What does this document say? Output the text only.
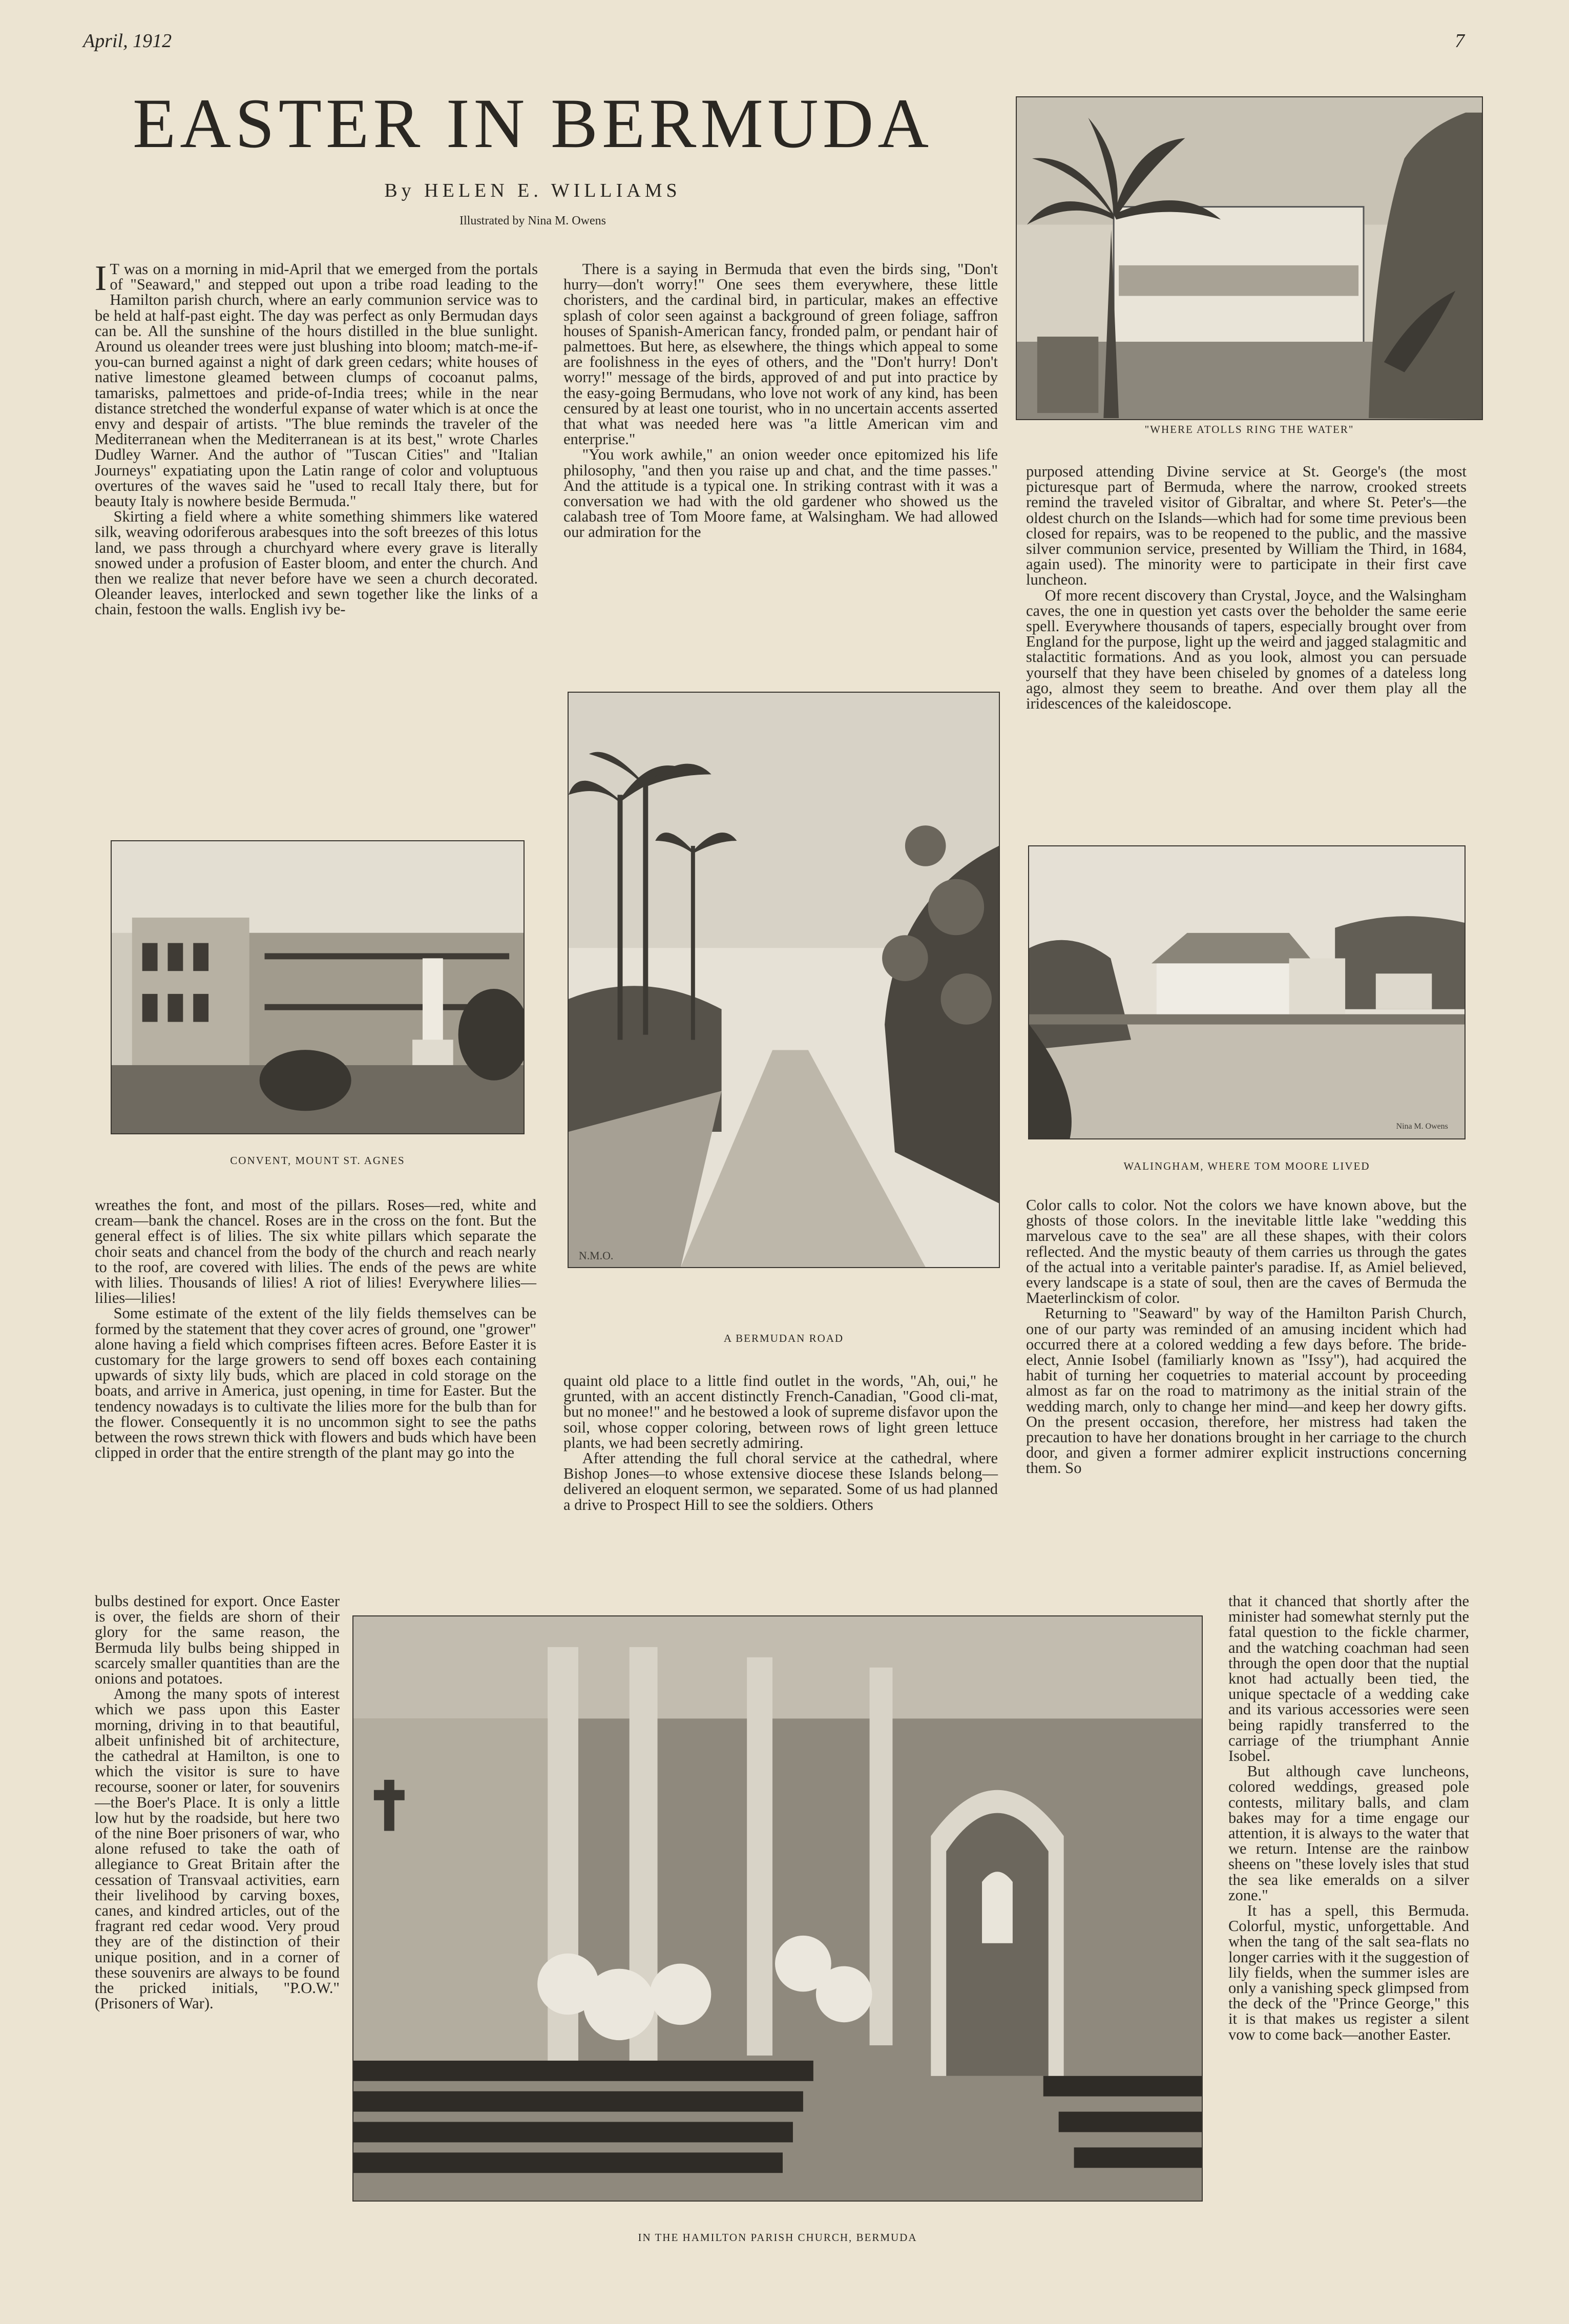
April, 1912	7
EASTER IN BERMUDA
By HELEN E. WILLIAMS
Illustrated by Nina M. Owens

I T was on a morning in mid-April that we emerged from the portals of "Seaward," and stepped out upon a tribe road leading to the Hamilton parish church, where an early communion service was to be held at half-past eight. The day was perfect as only Bermudan days can be. All the sunshine of the hours distilled in the blue sunlight. Around us oleander trees were just blushing into bloom; match-me-if-you-can burned against a night of dark green cedars; white houses of native limestone gleamed between clumps of cocoanut palms, tamarisks, palmettoes and pride-of-India trees; while in the near distance stretched the wonderful expanse of water which is at once the envy and despair of artists. "The blue reminds the traveler of the Mediterranean when the Mediterranean is at its best," wrote Charles Dudley Warner. And the author of "Tuscan Cities" and "Italian Journeys" expatiating upon the Latin range of color and voluptuous overtures of the waves said he "used to recall Italy there, but for beauty Italy is nowhere beside Bermuda."

Skirting a field where a white something shimmers like watered silk, weaving odoriferous arabesques into the soft breezes of this lotus land, we pass through a churchyard where every grave is literally snowed under a profusion of Easter bloom, and enter the church. And then we realize that never before have we seen a church decorated. Oleander leaves, interlocked and sewn together like the links of a chain, festoon the walls. English ivy be-

There is a saying in Bermuda that even the birds sing, "Don't hurry—don't worry!" One sees them everywhere, these little choristers, and the cardinal bird, in particular, makes an effective splash of color seen against a background of green foliage, saffron houses of Spanish-American fancy, fronded palm, or pendant hair of palmettoes. But here, as elsewhere, the things which appeal to some are foolishness in the eyes of others, and the "Don't hurry! Don't worry!" message of the birds, approved of and put into practice by the easy-going Bermudans, who love not work of any kind, has been censured by at least one tourist, who in no uncertain accents asserted that what was needed here was "a little American vim and enterprise."

"You work awhile," an onion weeder once epitomized his life philosophy, "and then you raise up and chat, and the time passes." And the attitude is a typical one. In striking contrast with it was a conversation we had with the old gardener who showed us the calabash tree of Tom Moore fame, at Walsingham. We had allowed our admiration for the

"WHERE ATOLLS RING THE WATER"

purposed attending Divine service at St. George's (the most picturesque part of Bermuda, where the narrow, crooked streets remind the traveled visitor of Gibraltar, and where St. Peter's—the oldest church on the Islands—which had for some time previous been closed for repairs, was to be reopened to the public, and the massive silver communion service, presented by William the Third, in 1684, again used). The minority were to participate in their first cave luncheon.

Of more recent discovery than Crystal, Joyce, and the Walsingham caves, the one in question yet casts over the beholder the same eerie spell. Everywhere thousands of tapers, especially brought over from England for the purpose, light up the weird and jagged stalagmitic and stalactitic formations. And as you look, almost you can persuade yourself that they have been chiseled by gnomes of a dateless long ago, almost they seem to breathe. And over them play all the iridescences of the kaleidoscope.

CONVENT, MOUNT ST. AGNES
N.M.O.
A BERMUDAN ROAD
Nina M. Owens
WALINGHAM, WHERE TOM MOORE LIVED

wreathes the font, and most of the pillars. Roses—red, white and cream—bank the chancel. Roses are in the cross on the font. But the general effect is of lilies. The six white pillars which separate the choir seats and chancel from the body of the church and reach nearly to the roof, are covered with lilies. The ends of the pews are white with lilies. Thousands of lilies! A riot of lilies! Everywhere lilies—lilies—lilies!

Some estimate of the extent of the lily fields themselves can be formed by the statement that they cover acres of ground, one "grower" alone having a field which comprises fifteen acres. Before Easter it is customary for the large growers to send off boxes each containing upwards of sixty lily buds, which are placed in cold storage on the boats, and arrive in America, just opening, in time for Easter. But the tendency nowadays is to cultivate the lilies more for the bulb than for the flower. Consequently it is no uncommon sight to see the paths between the rows strewn thick with flowers and buds which have been clipped in order that the entire strength of the plant may go into the

bulbs destined for export. Once Easter is over, the fields are shorn of their glory for the same reason, the Bermuda lily bulbs being shipped in scarcely smaller quantities than are the onions and potatoes.

Among the many spots of interest which we pass upon this Easter morning, driving in to that beautiful, albeit unfinished bit of architecture, the cathedral at Hamilton, is one to which the visitor is sure to have recourse, sooner or later, for souvenirs—the Boer's Place. It is only a little low hut by the roadside, but here two of the nine Boer prisoners of war, who alone refused to take the oath of allegiance to Great Britain after the cessation of Transvaal activities, earn their livelihood by carving boxes, canes, and kindred articles, out of the fragrant red cedar wood. Very proud they are of the distinction of their unique position, and in a corner of these souvenirs are always to be found the pricked initials, "P.O.W." (Prisoners of War).

quaint old place to a little find outlet in the words, "Ah, oui," he grunted, with an accent distinctly French-Canadian, "Good cli-mat, but no monee!" and he bestowed a look of supreme disfavor upon the soil, whose copper coloring, between rows of light green lettuce plants, we had been secretly admiring.

After attending the full choral service at the cathedral, where Bishop Jones—to whose extensive diocese these Islands belong—delivered an eloquent sermon, we separated. Some of us had planned a drive to Prospect Hill to see the soldiers. Others

Color calls to color. Not the colors we have known above, but the ghosts of those colors. In the inevitable little lake "wedding this marvelous cave to the sea" are all these shapes, with their colors reflected. And the mystic beauty of them carries us through the gates of the actual into a veritable painter's paradise. If, as Amiel believed, every landscape is a state of soul, then are the caves of Bermuda the Maeterlinckism of color.

Returning to "Seaward" by way of the Hamilton Parish Church, one of our party was reminded of an amusing incident which had occurred there at a colored wedding a few days before. The bride-elect, Annie Isobel (familiarly known as "Issy"), had acquired the habit of turning her coquetries to material account by proceeding almost as far on the road to matrimony as the initial strain of the wedding march, only to change her mind—and keep her dowry gifts. On the present occasion, therefore, her mistress had taken the precaution to have her donations brought in her carriage to the church door, and given a former admirer explicit instructions concerning them. So

that it chanced that shortly after the minister had somewhat sternly put the fatal question to the fickle charmer, and the watching coachman had seen through the open door that the nuptial knot had actually been tied, the unique spectacle of a wedding cake and its various accessories were seen being rapidly transferred to the carriage of the triumphant Annie Isobel.

But although cave luncheons, colored weddings, greased pole contests, military balls, and clam bakes may for a time engage our attention, it is always to the water that we return. Intense are the rainbow sheens on "these lovely isles that stud the sea like emeralds on a silver zone."

It has a spell, this Bermuda. Colorful, mystic, unforgettable. And when the tang of the salt sea-flats no longer carries with it the suggestion of lily fields, when the summer isles are only a vanishing speck glimpsed from the deck of the "Prince George," this it is that makes us register a silent vow to come back—another Easter.

IN THE HAMILTON PARISH CHURCH, BERMUDA
